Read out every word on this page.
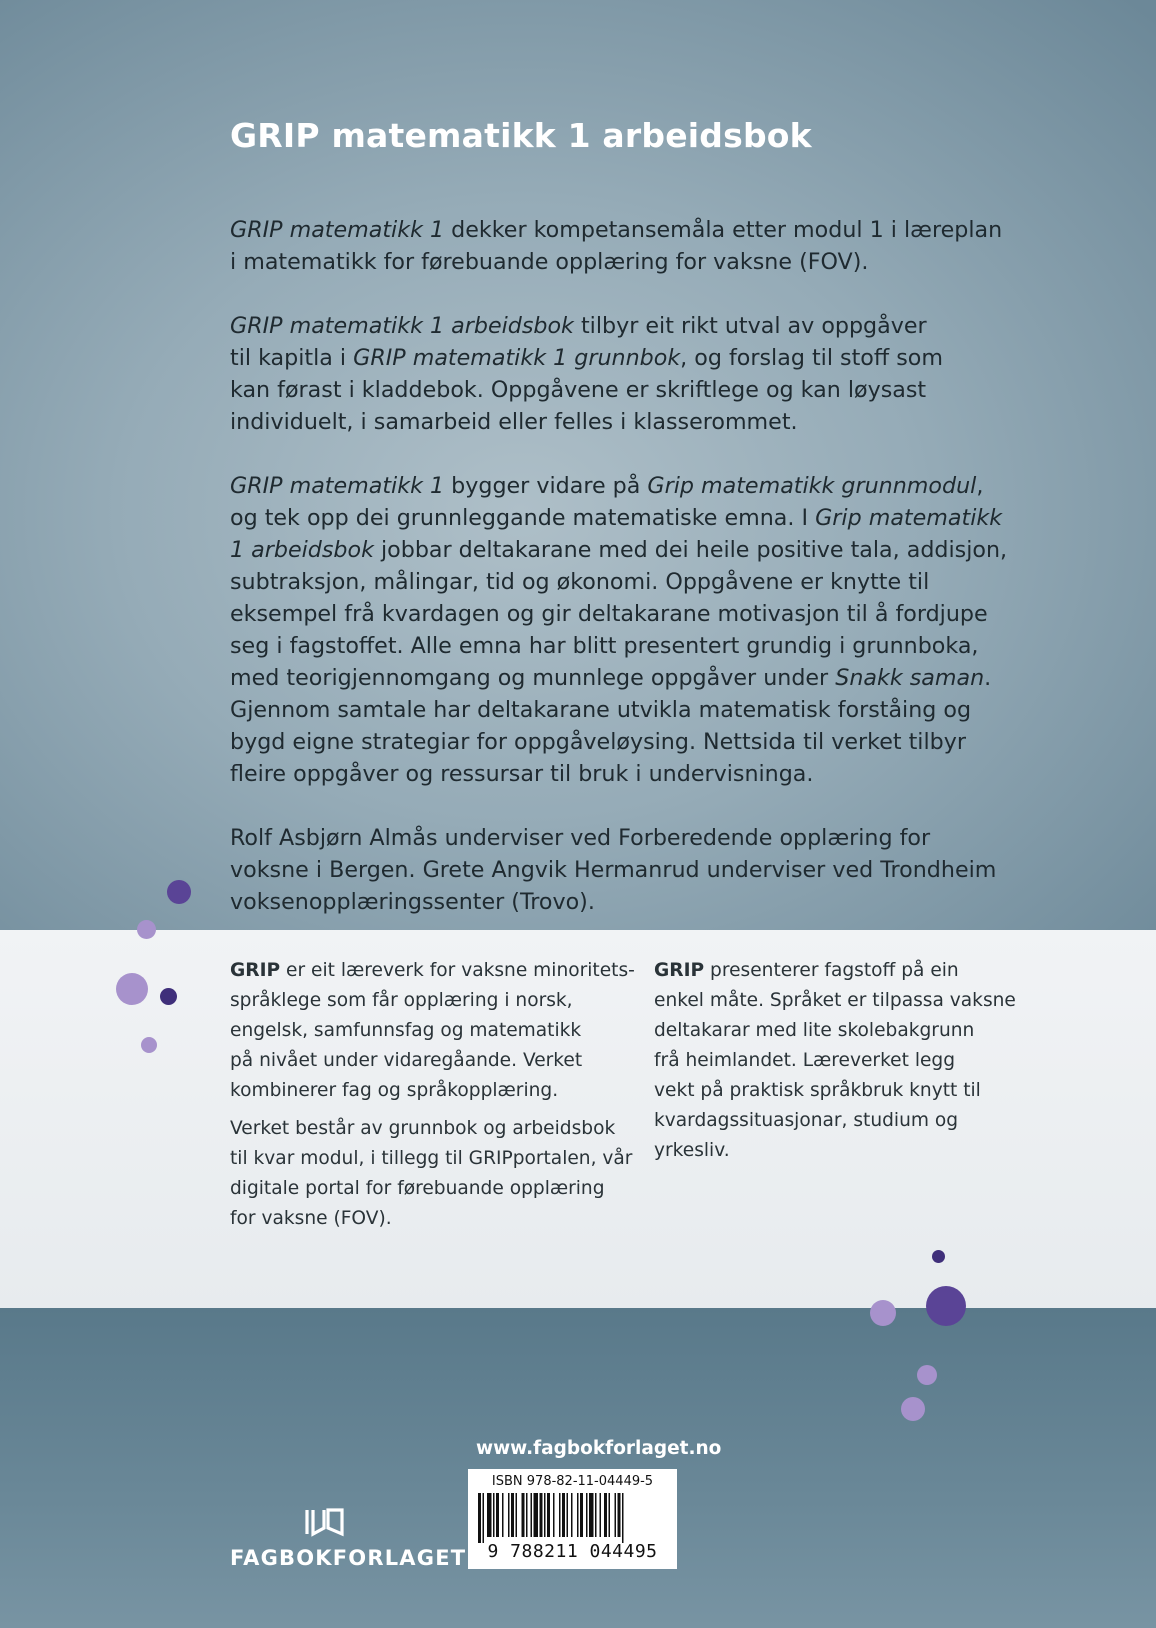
GRIP matematikk 1 arbeidsbok

GRIP matematikk 1 dekker kompetansemåla etter modul 1 i læreplan
i matematikk for førebuande opplæring for vaksne (FOV).

GRIP matematikk 1 arbeidsbok tilbyr eit rikt utval av oppgåver
til kapitla i GRIP matematikk 1 grunnbok, og forslag til stoff som
kan førast i kladdebok. Oppgåvene er skriftlege og kan løysast
individuelt, i samarbeid eller felles i klasserommet.

GRIP matematikk 1 bygger vidare på Grip matematikk grunnmodul,
og tek opp dei grunnleggande matematiske emna. I Grip matematikk
1 arbeidsbok jobbar deltakarane med dei heile positive tala, addisjon,
subtraksjon, målingar, tid og økonomi. Oppgåvene er knytte til
eksempel frå kvardagen og gir deltakarane motivasjon til å fordjupe
seg i fagstoffet. Alle emna har blitt presentert grundig i grunnboka,
med teorigjennomgang og munnlege oppgåver under Snakk saman.
Gjennom samtale har deltakarane utvikla matematisk forståing og
bygd eigne strategiar for oppgåveløysing. Nettsida til verket tilbyr
fleire oppgåver og ressursar til bruk i undervisninga.

Rolf Asbjørn Almås underviser ved Forberedende opplæring for
voksne i Bergen. Grete Angvik Hermanrud underviser ved Trondheim
voksenopplæringssenter (Trovo).

GRIP er eit læreverk for vaksne minoritets-
språklege som får opplæring i norsk,
engelsk, samfunnsfag og matematikk
på nivået under vidaregåande. Verket
kombinerer fag og språkopplæring.

Verket består av grunnbok og arbeidsbok
til kvar modul, i tillegg til GRIPportalen, vår
digitale portal for førebuande opplæring
for vaksne (FOV).

GRIP presenterer fagstoff på ein
enkel måte. Språket er tilpassa vaksne
deltakarar med lite skolebakgrunn
frå heimlandet. Læreverket legg
vekt på praktisk språkbruk knytt til
kvardagssituasjonar, studium og
yrkesliv.

www.fagbokforlaget.no
ISBN 978-82-11-04449-5
9 788211 044495
FAGBOKFORLAGET
